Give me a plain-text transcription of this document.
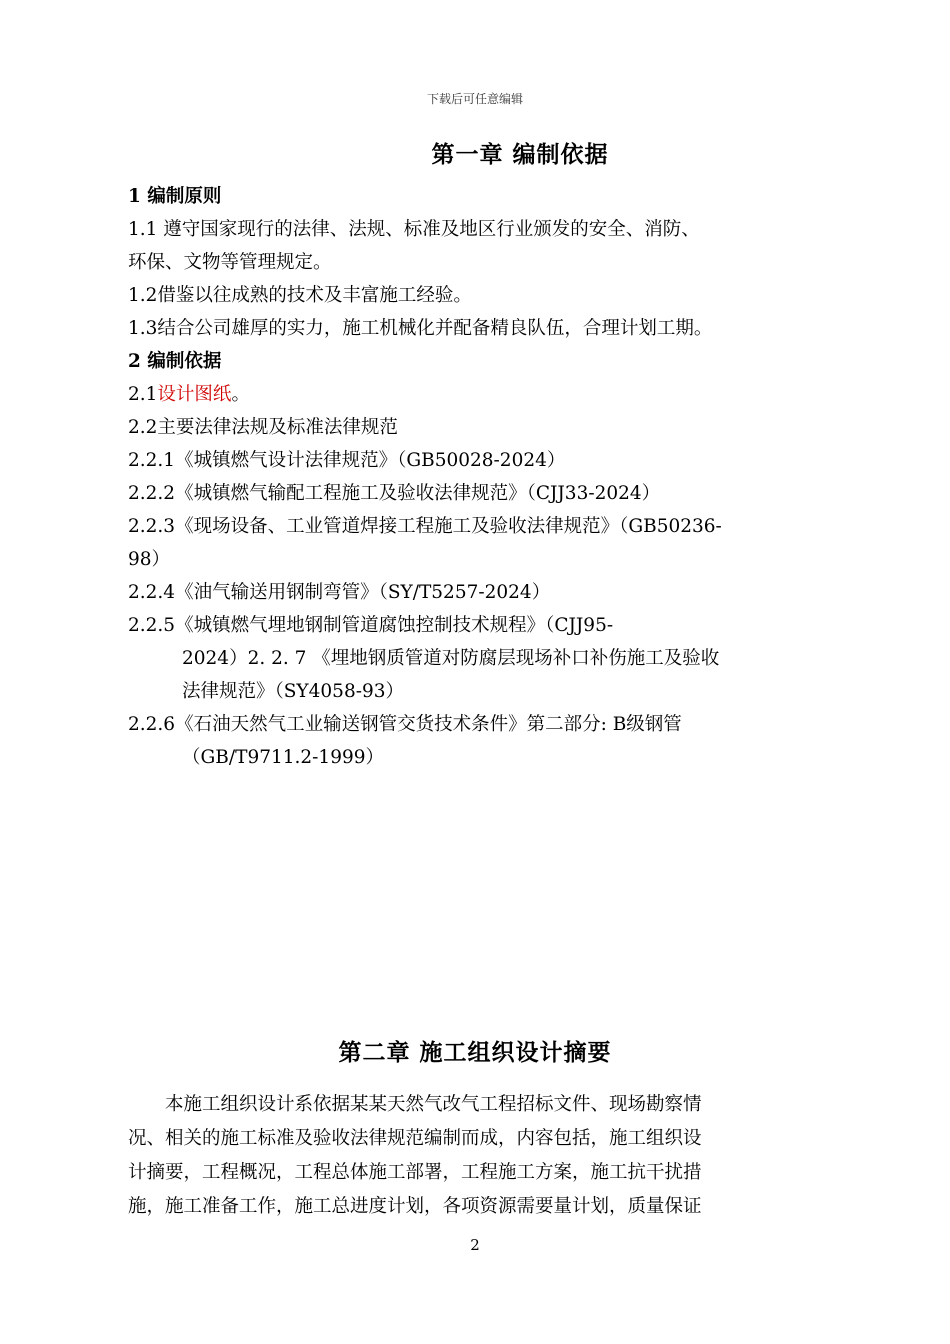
下载后可任意编辑
第一章 编制依据
1 编制原则
1.1 遵守国家现行的法律、法规、标准及地区行业颁发的安全、消防、
环保、文物等管理规定。
1.2借鉴以往成熟的技术及丰富施工经验。
1.3结合公司雄厚的实力，施工机械化并配备精良队伍，合理计划工期。
2 编制依据
2.1设计图纸。
2.2主要法律法规及标准法律规范
2.2.1《城镇燃气设计法律规范》（GB50028-2024）
2.2.2《城镇燃气输配工程施工及验收法律规范》（CJJ33-2024）
2.2.3《现场设备、工业管道焊接工程施工及验收法律规范》（GB50236-
98）
2.2.4《油气输送用钢制弯管》（SY/T5257-2024）
2.2.5《城镇燃气埋地钢制管道腐蚀控制技术规程》（CJJ95-
2024）2. 2. 7 《埋地钢质管道对防腐层现场补口补伤施工及验收
法律规范》（SY4058-93）
2.2.6《石油天然气工业输送钢管交货技术条件》第二部分: B级钢管
（GB/T9711.2-1999）
第二章 施工组织设计摘要
　　本施工组织设计系依据某某天然气改气工程招标文件、现场勘察情
况、相关的施工标准及验收法律规范编制而成，内容包括，施工组织设
计摘要，工程概况，工程总体施工部署，工程施工方案，施工抗干扰措
施，施工准备工作，施工总进度计划，各项资源需要量计划，质量保证
2
